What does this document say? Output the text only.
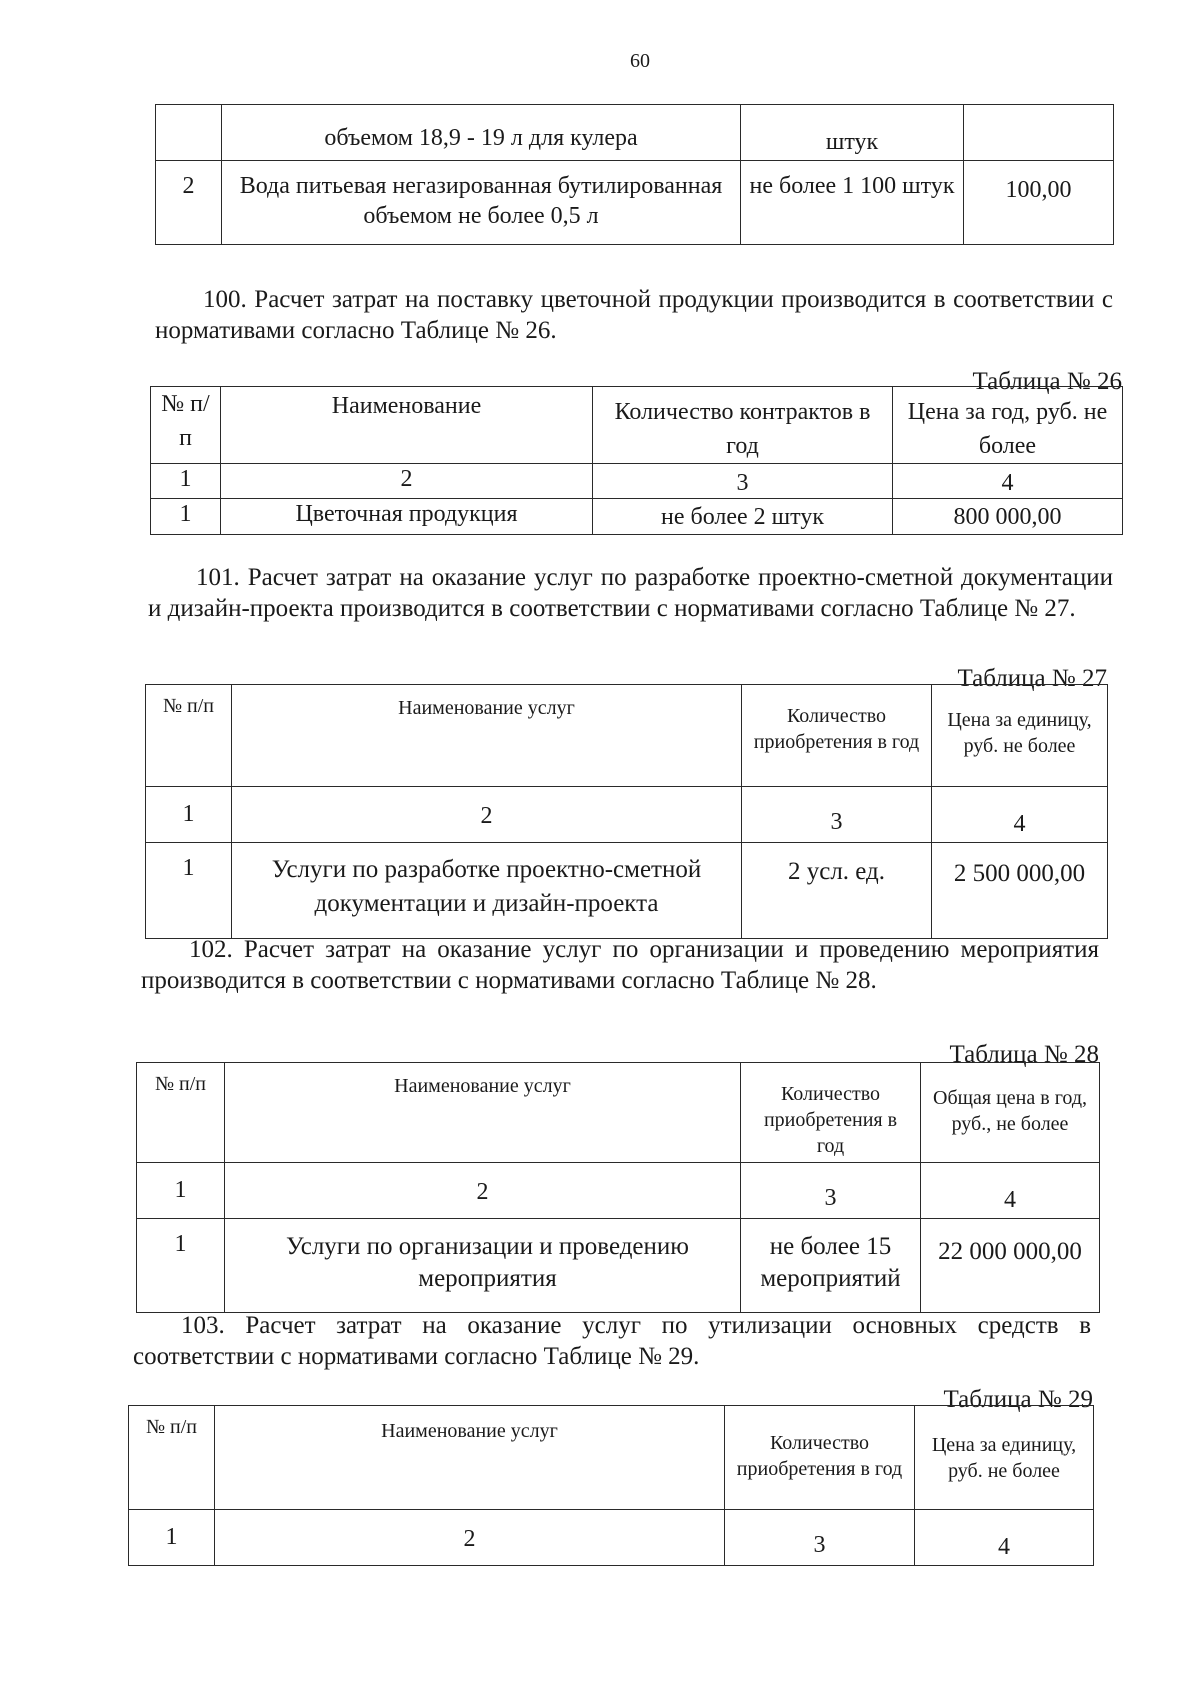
60
	объемом 18,9 - 19 л для кулера	штук	
2	Вода питьевая негазированная бутилированная объемом не более 0,5 л	не более 1 100 штук	100,00
100. Расчет затрат на поставку цветочной продукции производится в соответствии с нормативами согласно Таблице № 26.
Таблица № 26
№ п/п	Наименование	Количество контрактов в год	Цена за год, руб. не более
1	2	3	4
1	Цветочная продукция	не более 2 штук	800 000,00
101. Расчет затрат на оказание услуг по разработке проектно-сметной документации и дизайн-проекта производится в соответствии с нормативами согласно Таблице № 27.
Таблица № 27
№ п/п	Наименование услуг	Количество приобретения в год	Цена за единицу, руб. не более
1	2	3	4
1	Услуги по разработке проектно-сметной документации и дизайн-проекта	2 усл. ед.	2 500 000,00
102. Расчет затрат на оказание услуг по организации и проведению мероприятия производится в соответствии с нормативами согласно Таблице № 28.
Таблица № 28
№ п/п	Наименование услуг	Количество приобретения в год	Общая цена в год, руб., не более
1	2	3	4
1	Услуги по организации и проведению мероприятия	не более 15 мероприятий	22 000 000,00
103. Расчет затрат на оказание услуг по утилизации основных средств в соответствии с нормативами согласно Таблице № 29.
Таблица № 29
№ п/п	Наименование услуг	Количество приобретения в год	Цена за единицу, руб. не более
1	2	3	4
